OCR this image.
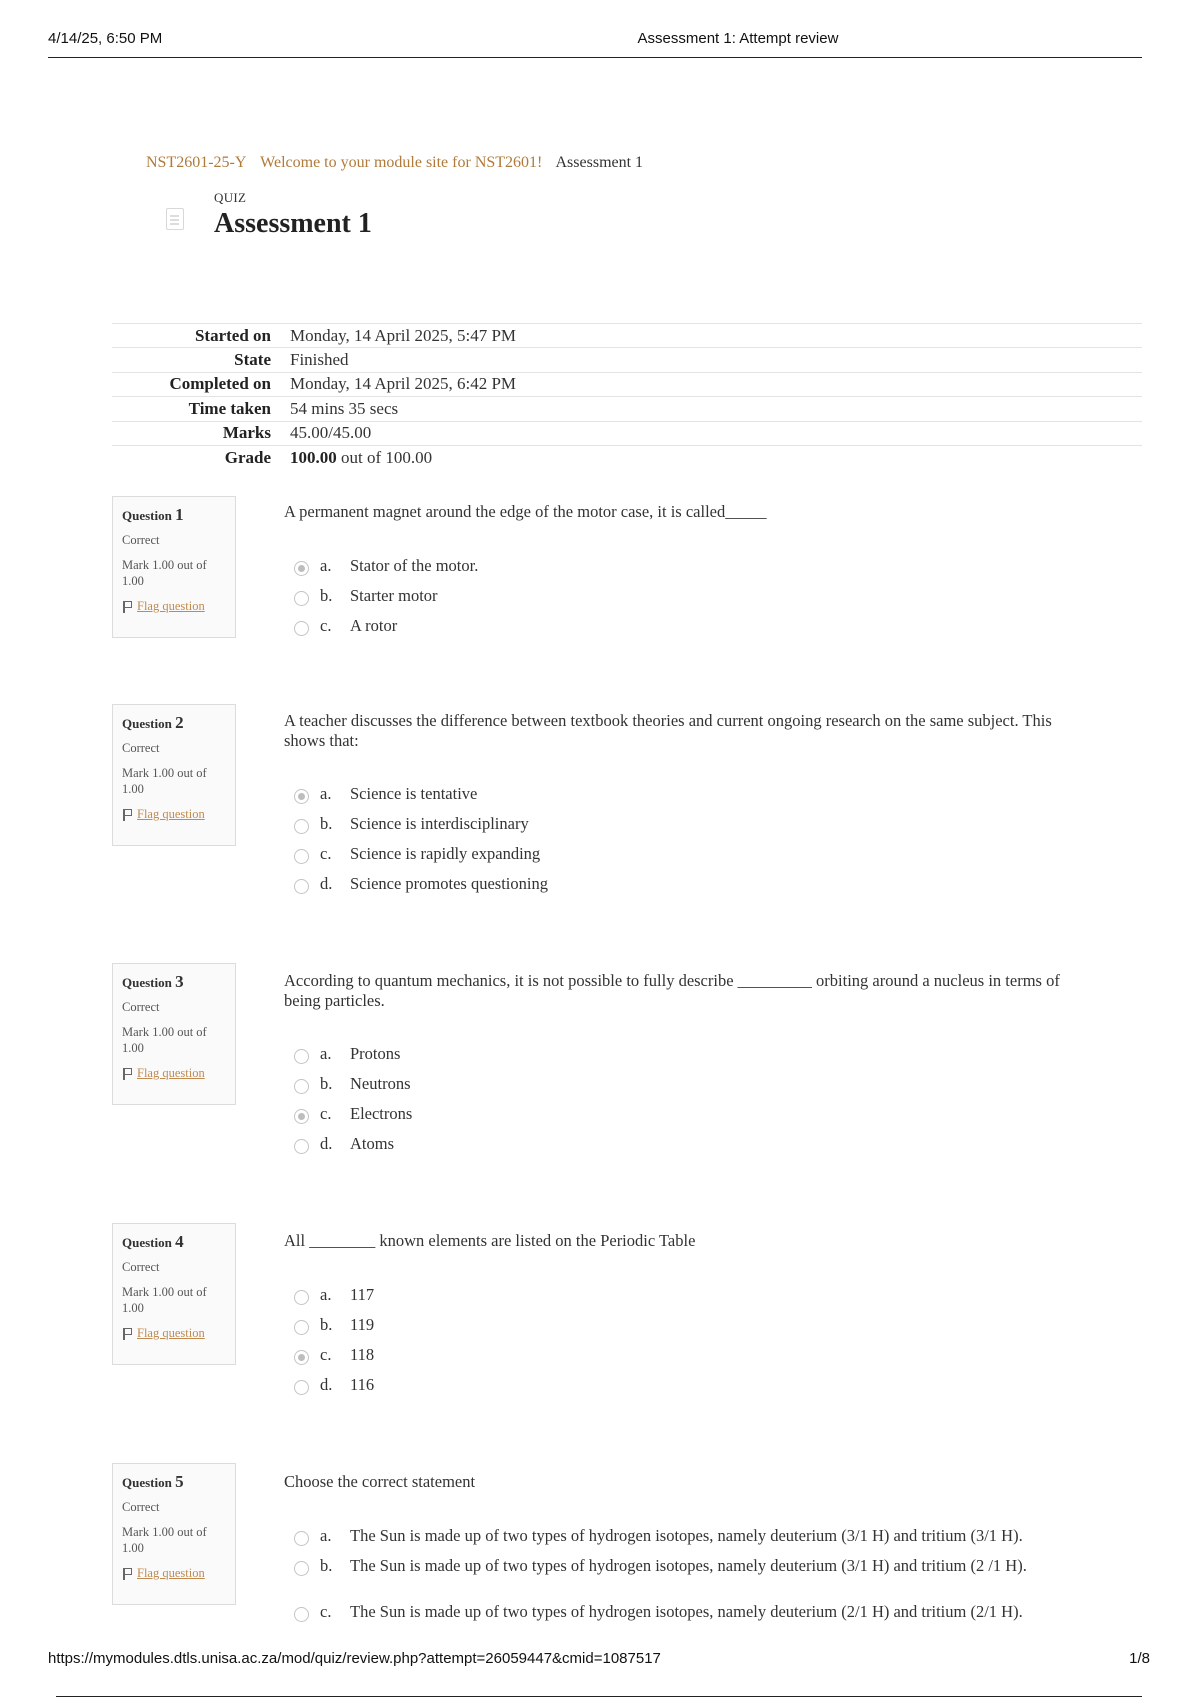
4/14/25, 6:50 PM	Assessment 1: Attempt review
NST2601-25-Y Welcome to your module site for NST2601! Assessment 1
QUIZ
Assessment 1
Started on	Monday, 14 April 2025, 5:47 PM
State	Finished
Completed on	Monday, 14 April 2025, 6:42 PM
Time taken	54 mins 35 secs
Marks	45.00/45.00
Grade	100.00 out of 100.00
Question 1
Correct
Mark 1.00 out of 1.00
Flag question
A permanent magnet around the edge of the motor case, it is called_____
a. Stator of the motor.
b. Starter motor
c. A rotor
Question 2
Correct
Mark 1.00 out of 1.00
Flag question
A teacher discusses the difference between textbook theories and current ongoing research on the same subject. This shows that:
a. Science is tentative
b. Science is interdisciplinary
c. Science is rapidly expanding
d. Science promotes questioning
Question 3
Correct
Mark 1.00 out of 1.00
Flag question
According to quantum mechanics, it is not possible to fully describe _________ orbiting around a nucleus in terms of being particles.
a. Protons
b. Neutrons
c. Electrons
d. Atoms
Question 4
Correct
Mark 1.00 out of 1.00
Flag question
All ________ known elements are listed on the Periodic Table
a. 117
b. 119
c. 118
d. 116
Question 5
Correct
Mark 1.00 out of 1.00
Flag question
Choose the correct statement
a. The Sun is made up of two types of hydrogen isotopes, namely deuterium (3/1 H) and tritium (3/1 H).
b. The Sun is made up of two types of hydrogen isotopes, namely deuterium (3/1 H) and tritium (2 /1 H).
c. The Sun is made up of two types of hydrogen isotopes, namely deuterium (2/1 H) and tritium (2/1 H).
https://mymodules.dtls.unisa.ac.za/mod/quiz/review.php?attempt=26059447&cmid=1087517	1/8
